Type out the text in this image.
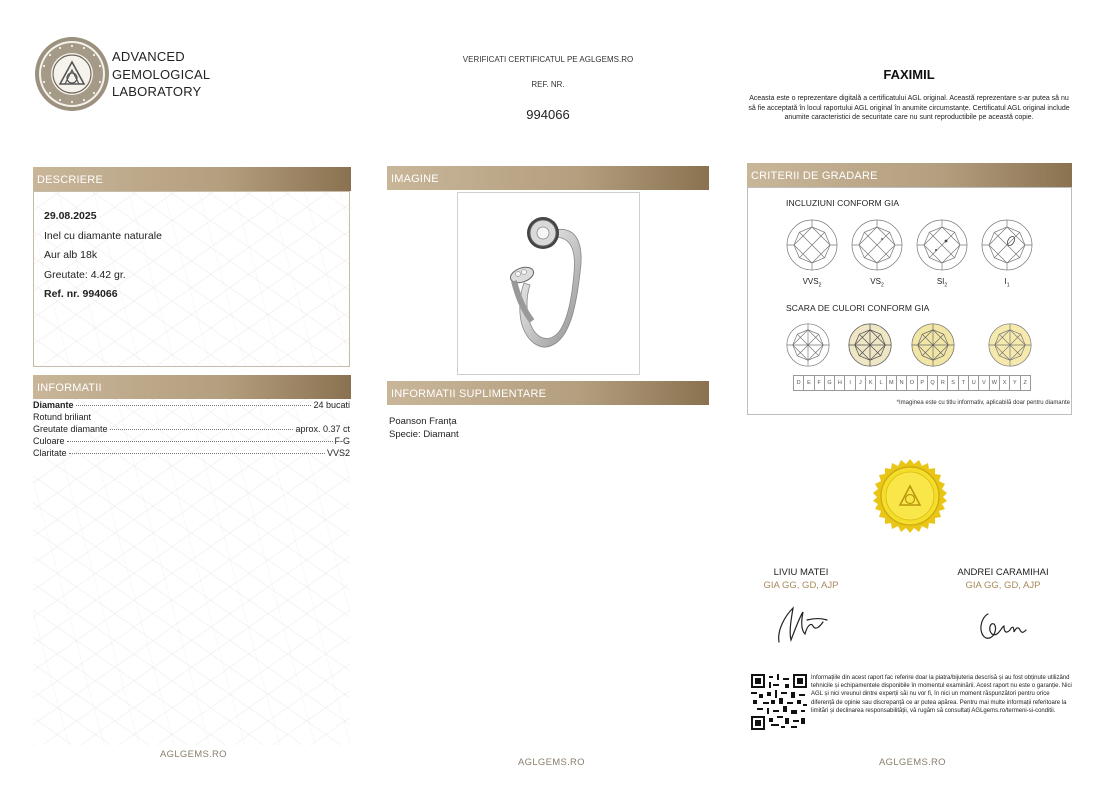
ADVANCED
GEMOLOGICAL
LABORATORY
VERIFICATI CERTIFICATUL PE AGLGEMS.RO
REF. NR.
994066
FAXIMIL
Aceasta este o reprezentare digitală a certificatului AGL original. Această reprezentare s-ar putea să nu să fie acceptată în locul raportului AGL original în anumite circumstanțe. Certificatul AGL original include anumite caracteristici de securitate care nu sunt reproductibile pe această copie.
DESCRIERE
29.08.2025
Inel cu diamante naturale
Aur alb 18k
Greutate: 4.42 gr.
Ref. nr. 994066
INFORMATII
Diamante	24 bucati
Rotund briliant
Greutate diamante	aprox. 0.37 ct
Culoare	F-G
Claritate	VVS2
AGLGEMS.RO
IMAGINE
INFORMATII SUPLIMENTARE
Poanson Franța
Specie: Diamant
AGLGEMS.RO
CRITERII DE GRADARE
INCLUZIUNI CONFORM GIA
$VVS_2$	$VS_2$	$SI_2$	$I_1$
SCARA DE CULORI CONFORM GIA
D	E	F	G	H	I	J	K	L	M	N	O	P	Q	R	S	T	U	V	W	X	Y	Z
*Imaginea este cu titlu informativ, aplicabilă doar pentru diamante
LIVIU MATEI
GIA GG, GD, AJP
ANDREI CARAMIHAI
GIA GG, GD, AJP
Informațiile din acest raport fac referire doar la piatra/bijuteria descrisă și au fost obținute utilizând tehnicile și echipamentele disponibile în momentul examinării. Acest raport nu este o garanție. Nici AGL și nici vreunul dintre experții săi nu vor fi, în nici un moment răspunzători pentru orice diferență de opinie sau discrepanță ce ar putea apărea. Pentru mai multe informații referitoare la limitări și declinarea responsabilității, vă rugăm să consultați AGLgems.ro/termeni-si-conditii.
AGLGEMS.RO
